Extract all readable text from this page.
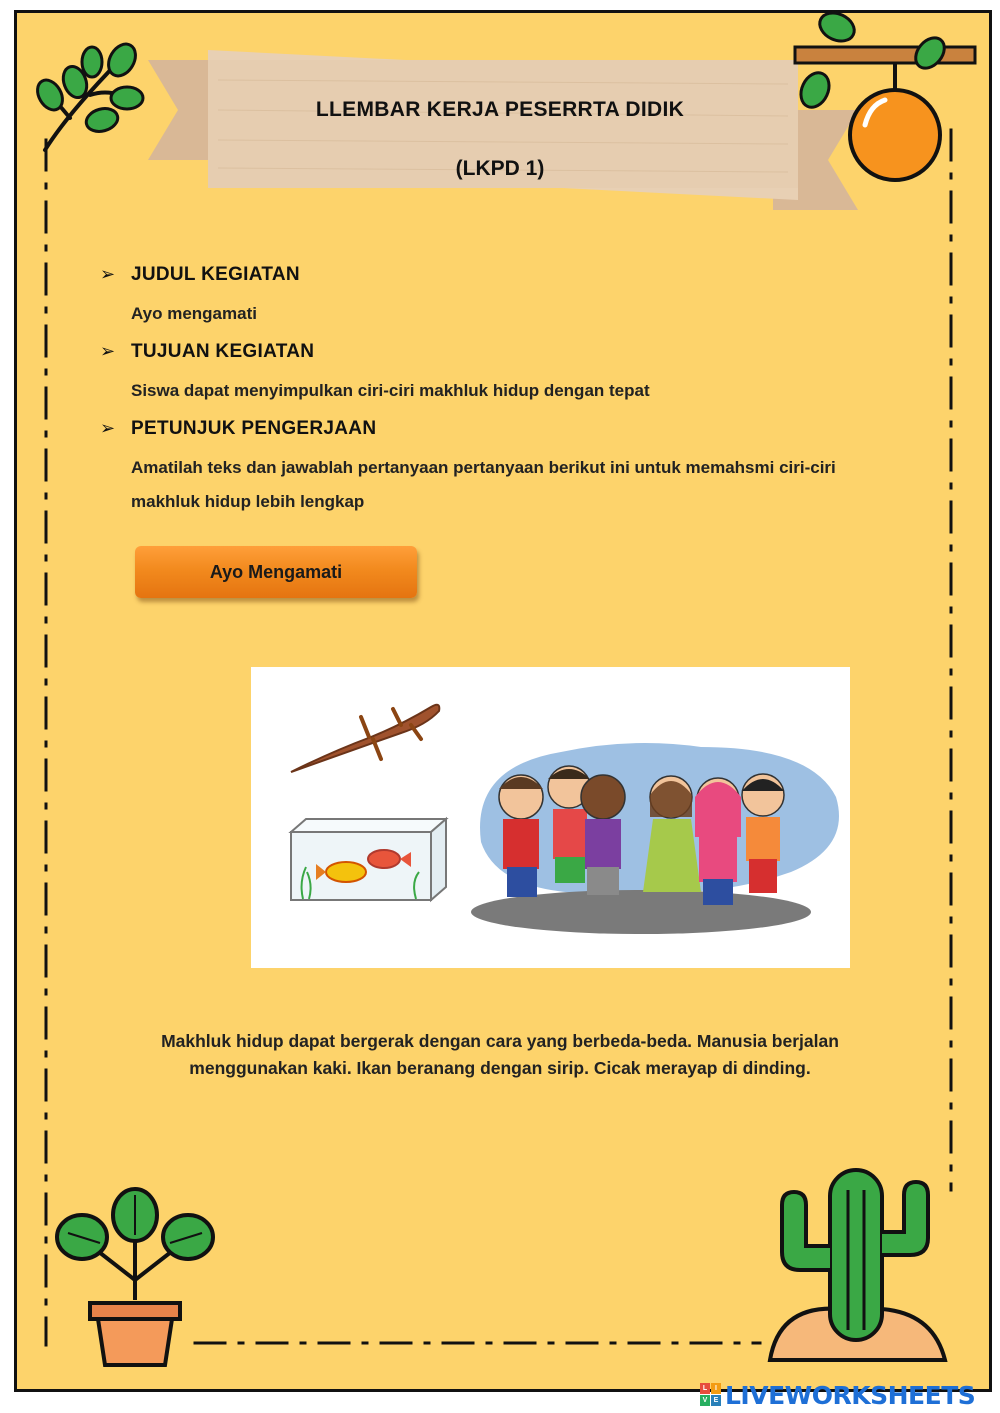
LLEMBAR KERJA PESERRTA DIDIK
(LKPD 1)
➢ JUDUL KEGIATAN
Ayo mengamati
➢ TUJUAN KEGIATAN
Siswa dapat menyimpulkan ciri-ciri makhluk hidup dengan tepat
➢ PETUNJUK PENGERJAAN
Amatilah teks dan jawablah pertanyaan pertanyaan berikut ini untuk memahsmi ciri-ciri makhluk hidup lebih lengkap
Ayo Mengamati
Makhluk hidup dapat bergerak dengan cara yang berbeda-beda. Manusia berjalan
menggunakan kaki. Ikan beranang dengan sirip. Cicak merayap di dinding.
L	I
V E LIVEWORKSHEETS
